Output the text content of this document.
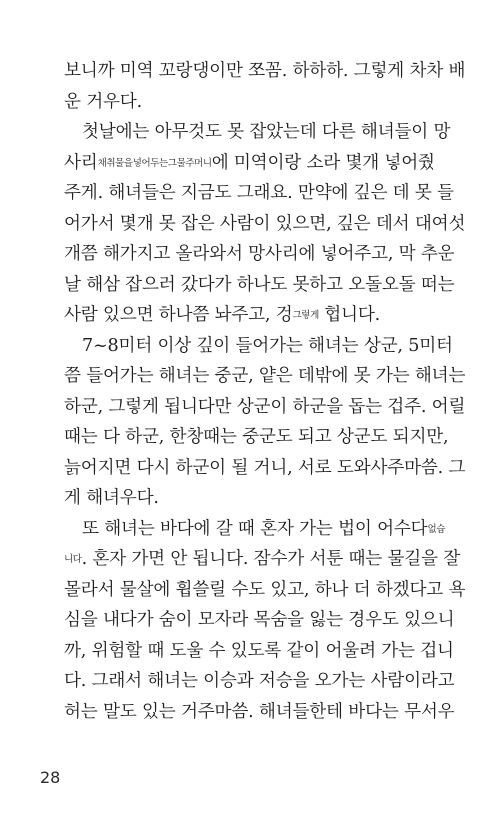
보니까 미역 꼬랑댕이만 쪼꼼. 하하하. 그렇게 차차 배
운 거우다.
첫날에는 아무것도 못 잡았는데 다른 해녀들이 망
사리채취물을넣어두는그물주머니에 미역이랑 소라 몇개 넣어줬
주게. 해녀들은 지금도 그래요. 만약에 깊은 데 못 들
어가서 몇개 못 잡은 사람이 있으면, 깊은 데서 대여섯
개쯤 해가지고 올라와서 망사리에 넣어주고, 막 추운
날 해삼 잡으러 갔다가 하나도 못하고 오돌오돌 떠는
사람 있으면 하나쯤 놔주고, 겅그렇게 헙니다.
7~8미터 이상 깊이 들어가는 해녀는 상군, 5미터
쯤 들어가는 해녀는 중군, 얕은 데밖에 못 가는 해녀는
하군, 그렇게 됩니다만 상군이 하군을 돕는 겁주. 어릴
때는 다 하군, 한창때는 중군도 되고 상군도 되지만,
늙어지면 다시 하군이 될 거니, 서로 도와사주마씀. 그
게 해녀우다.
또 해녀는 바다에 갈 때 혼자 가는 법이 어수다없습
니다. 혼자 가면 안 됩니다. 잠수가 서툰 때는 물길을 잘
몰라서 물살에 휩쓸릴 수도 있고, 하나 더 하겠다고 욕
심을 내다가 숨이 모자라 목숨을 잃는 경우도 있으니
까, 위험할 때 도울 수 있도록 같이 어울려 가는 겁니
다. 그래서 해녀는 이승과 저승을 오가는 사람이라고
허는 말도 있는 거주마씀. 해녀들한테 바다는 무서우
28
